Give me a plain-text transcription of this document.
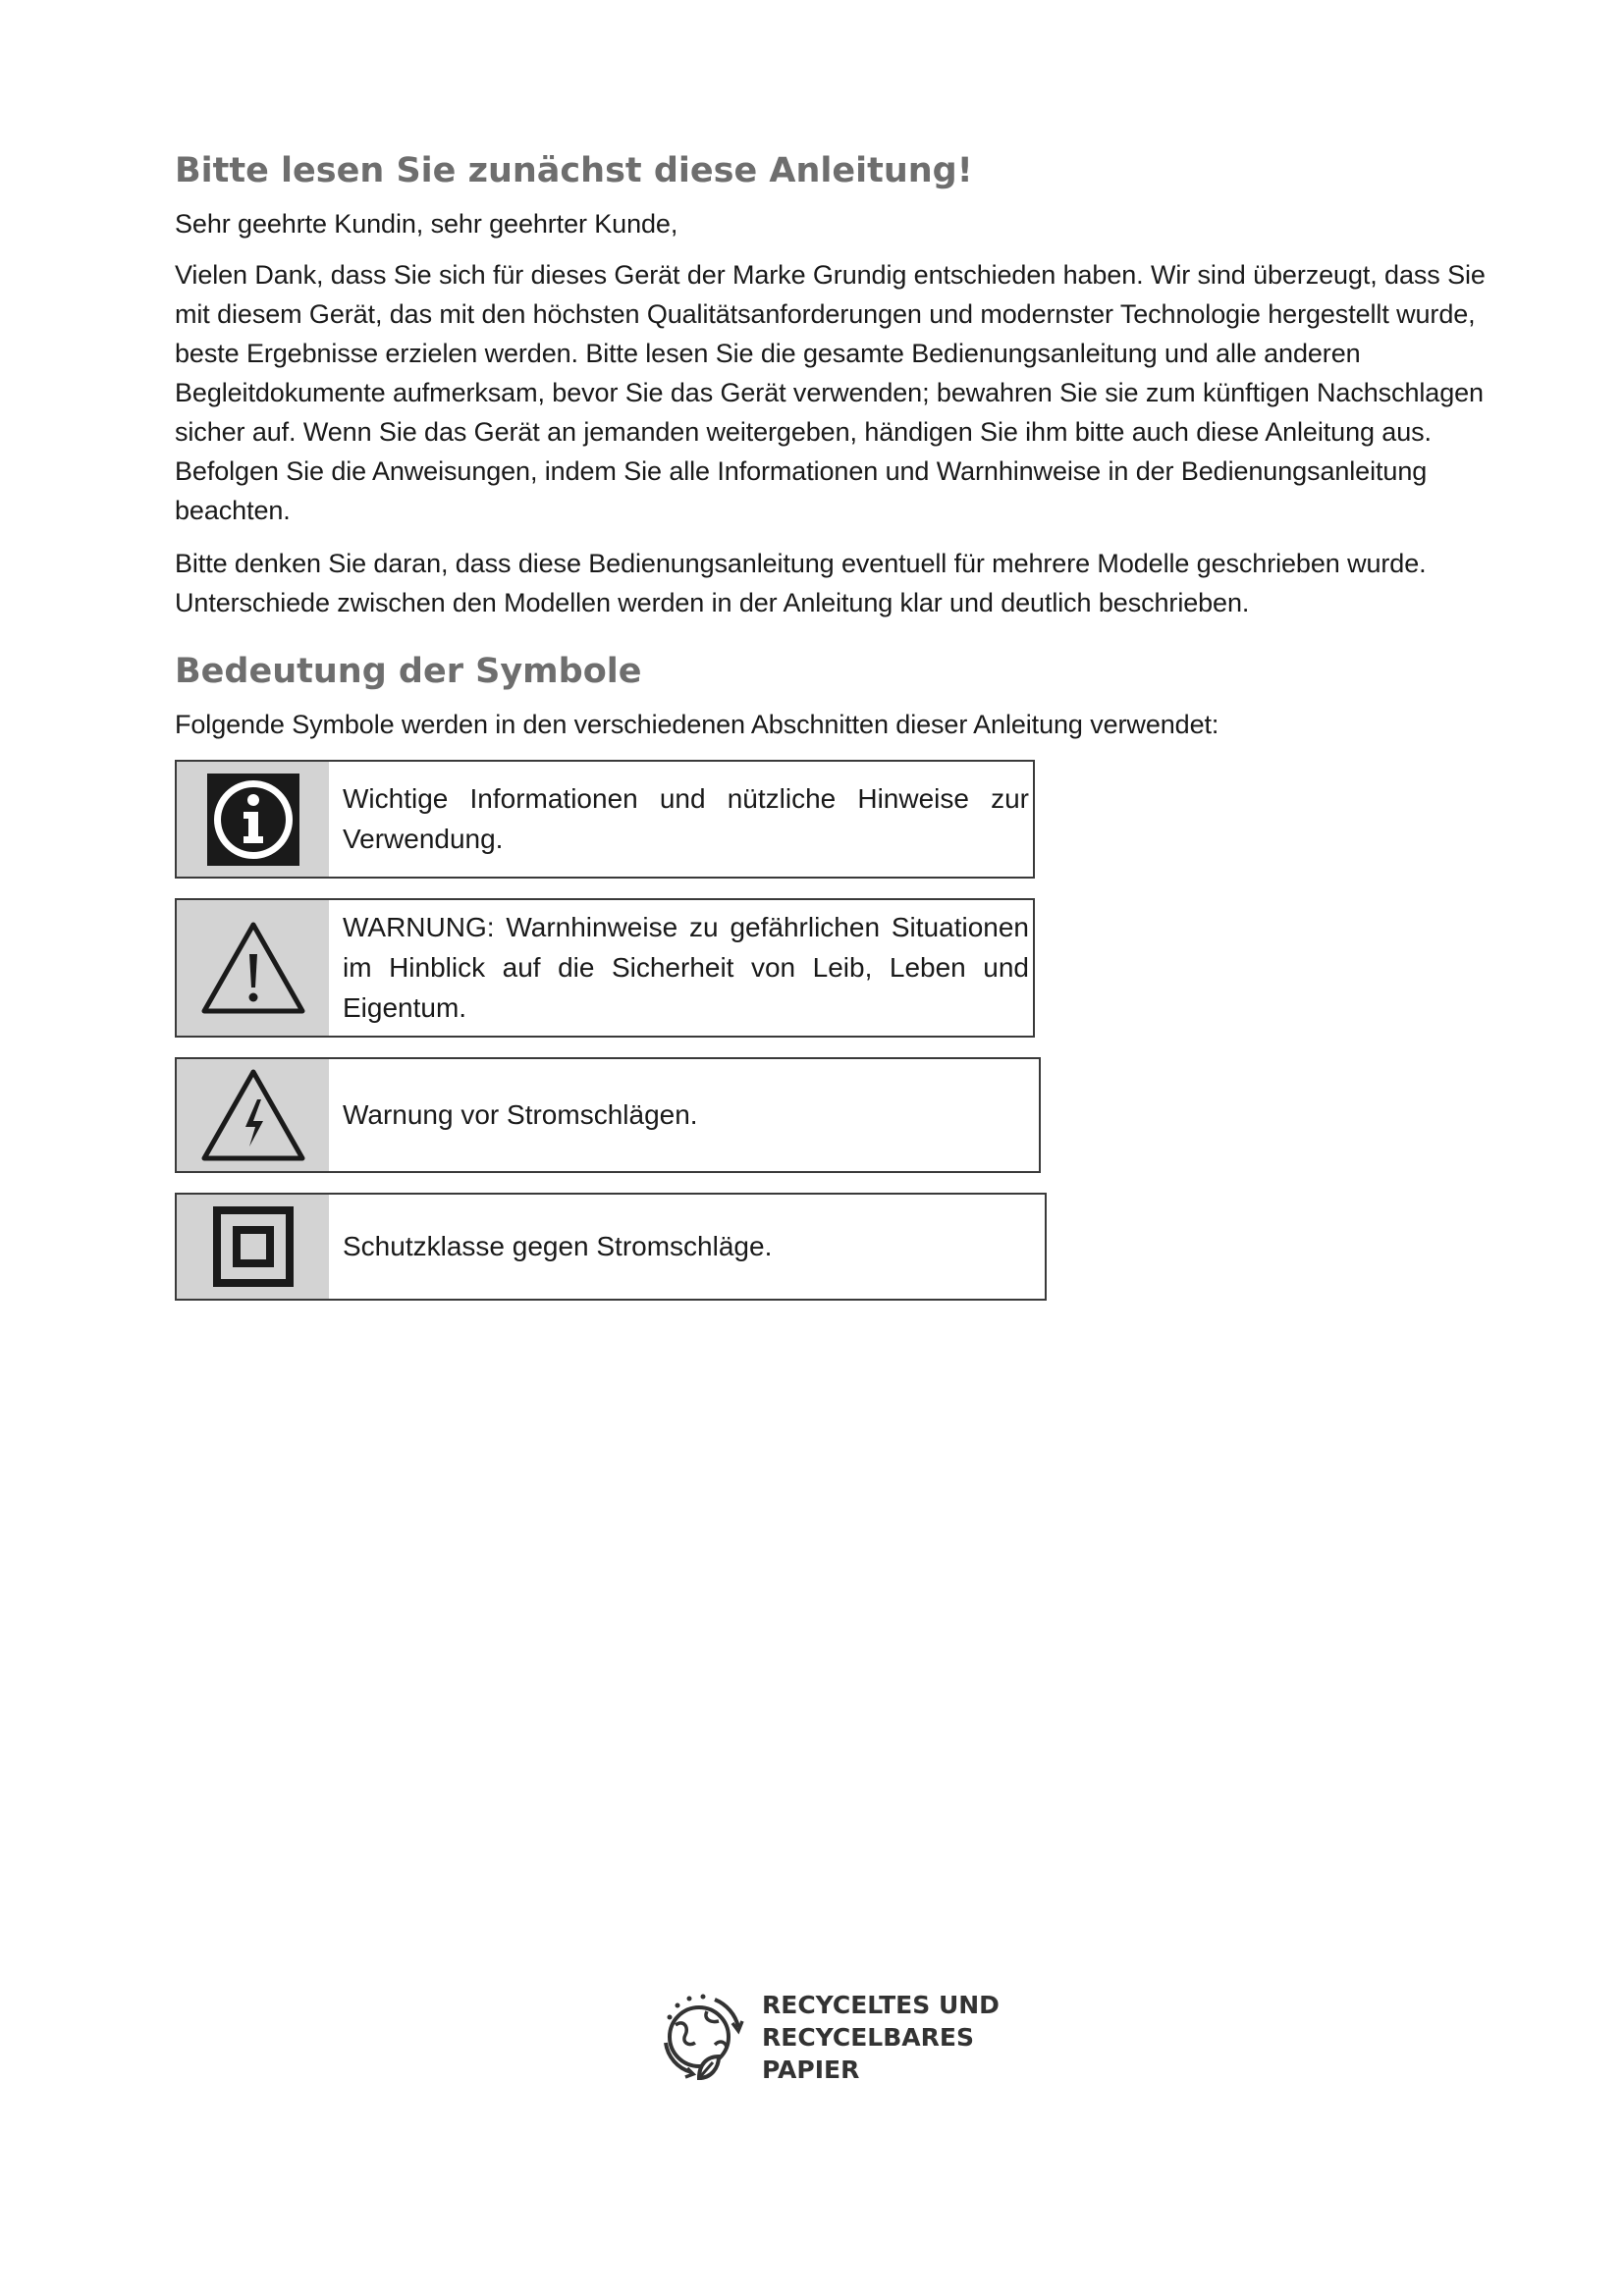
Bitte lesen Sie zunächst diese Anleitung!

Sehr geehrte Kundin, sehr geehrter Kunde,

Vielen Dank, dass Sie sich für dieses Gerät der Marke Grundig entschieden haben. Wir sind überzeugt, dass Sie mit diesem Gerät, das mit den höchsten Qualitätsanforderungen und modernster Technologie hergestellt wurde, beste Ergebnisse erzielen werden. Bitte lesen Sie die gesamte Bedienungsanleitung und alle anderen Begleitdokumente aufmerksam, bevor Sie das Gerät verwenden; bewahren Sie sie zum künftigen Nachschlagen sicher auf. Wenn Sie das Gerät an jemanden weitergeben, händigen Sie ihm bitte auch diese Anleitung aus. Befolgen Sie die Anweisungen, indem Sie alle Informationen und Warnhinweise in der Bedienungsanleitung beachten.

Bitte denken Sie daran, dass diese Bedienungsanleitung eventuell für mehrere Modelle geschrieben wurde. Unterschiede zwischen den Modellen werden in der Anleitung klar und deutlich beschrieben.

Bedeutung der Symbole

Folgende Symbole werden in den verschiedenen Abschnitten dieser Anleitung verwendet:

Wichtige Informationen und nützliche Hinweise zur Verwendung.
WARNUNG: Warnhinweise zu gefährlichen Situationen im Hinblick auf die Sicherheit von Leib, Leben und Eigentum.
Warnung vor Stromschlägen.
Schutzklasse gegen Stromschläge.
RECYCELTES UND
RECYCELBARES
PAPIER
